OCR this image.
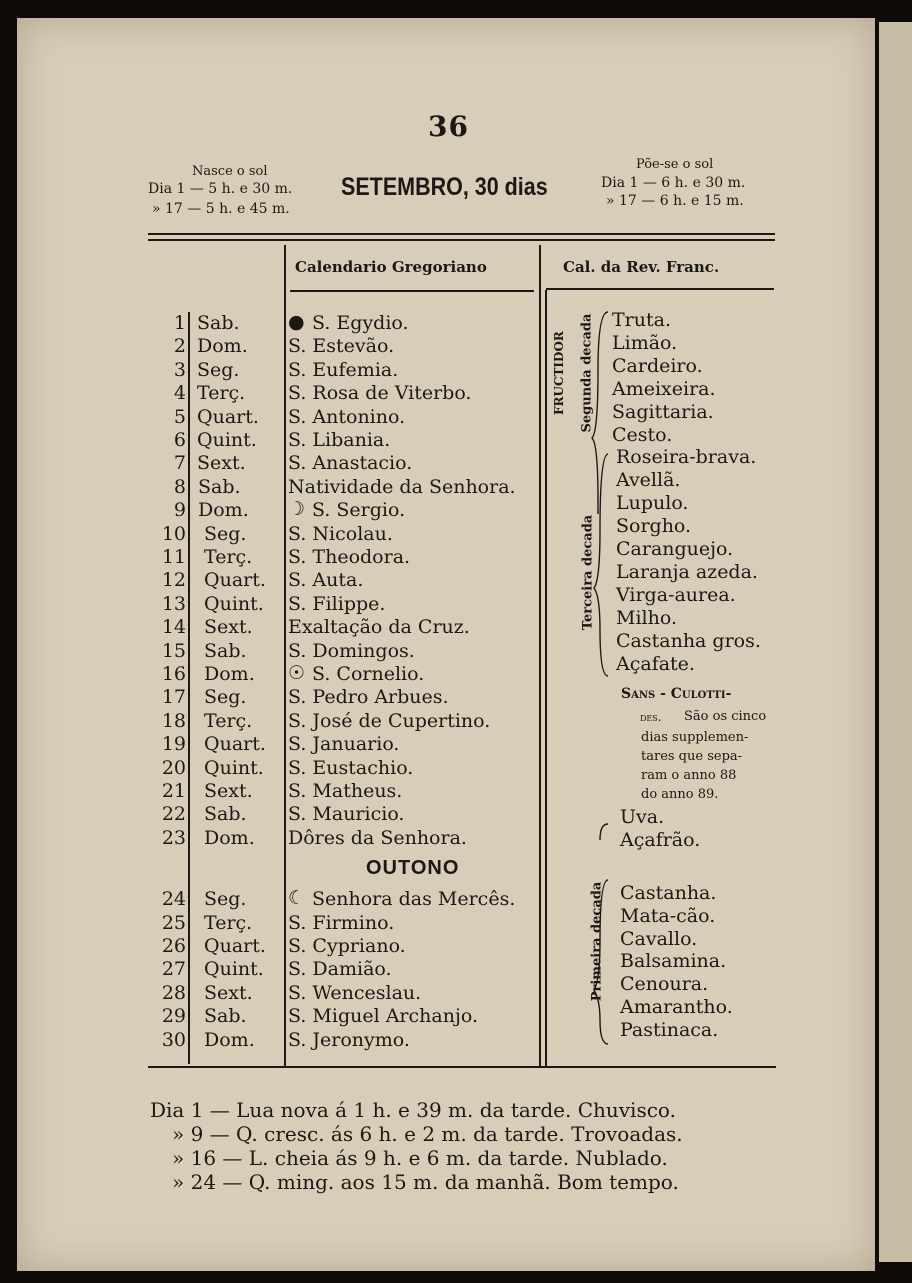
36
Nasce o sol
Dia 1 — 5 h. e 30 m.
» 17 — 5 h. e 45 m.
SETEMBRO, 30 dias
Põe-se o sol
Dia 1 — 6 h. e 30 m.
» 17 — 6 h. e 15 m.
Calendario Gregoriano	Cal. da Rev. Franc.
1 Sab.	● S. Egydio.
2 Dom. S. Estevão.
3 Seg.	S. Eufemia.
4 Terç. S. Rosa de Viterbo.
5 Quart. S. Antonino.
6 Quint. S. Libania.
7 Sext. S. Anastacio.
8 Sab. Natividade da Senhora.
9 Dom. ☽ S. Sergio.
10 Seg. S. Nicolau.
11 Terç. S. Theodora.
12 Quart. S. Auta.
13 Quint. S. Filippe.
14 Sext. Exaltação da Cruz.
15 Sab. S. Domingos.
16 Dom. ☉ S. Cornelio.
17 Seg. S. Pedro Arbues.
18 Terç. S. José de Cupertino.
19 Quart. S. Januario.
20 Quint. S. Eustachio.
21 Sext. S. Matheus.
22 Sab. S. Mauricio.
23 Dom. Dôres da Senhora.
24 Seg. ☾ Senhora das Mercês.
25 Terç. S. Firmino.
26 Quart. S. Cypriano.
27 Quint. S. Damião.
28 Sext. S. Wenceslau.
29 Sab. S. Miguel Archanjo.
30 Dom. S. Jeronymo.
OUTONO
FRUCTIDOR Segunda decada
Terceira decada
Primeira decada
Truta.
Limão.
Cardeiro.
Ameixeira.
Sagittaria.
Cesto.
Roseira-brava.
Avellã.
Lupulo.
Sorgho.
Caranguejo.
Laranja azeda.
Virga-aurea.
Milho.
Castanha gros.
Açafate.
Uva.
Açafrão.
Castanha.
Mata-cão.
Cavallo.
Balsamina.
Cenoura.
Amarantho.
Pastinaca.
Sans - Culotti-
des. São os cinco
dias supplemen-
tares que sepa-
ram o anno 88
do anno 89.
Dia 1 — Lua nova á 1 h. e 39 m. da tarde. Chuvisco.
» 9 — Q. cresc. ás 6 h. e 2 m. da tarde. Trovoadas.
» 16 — L. cheia ás 9 h. e 6 m. da tarde. Nublado.
» 24 — Q. ming. aos 15 m. da manhã. Bom tempo.
